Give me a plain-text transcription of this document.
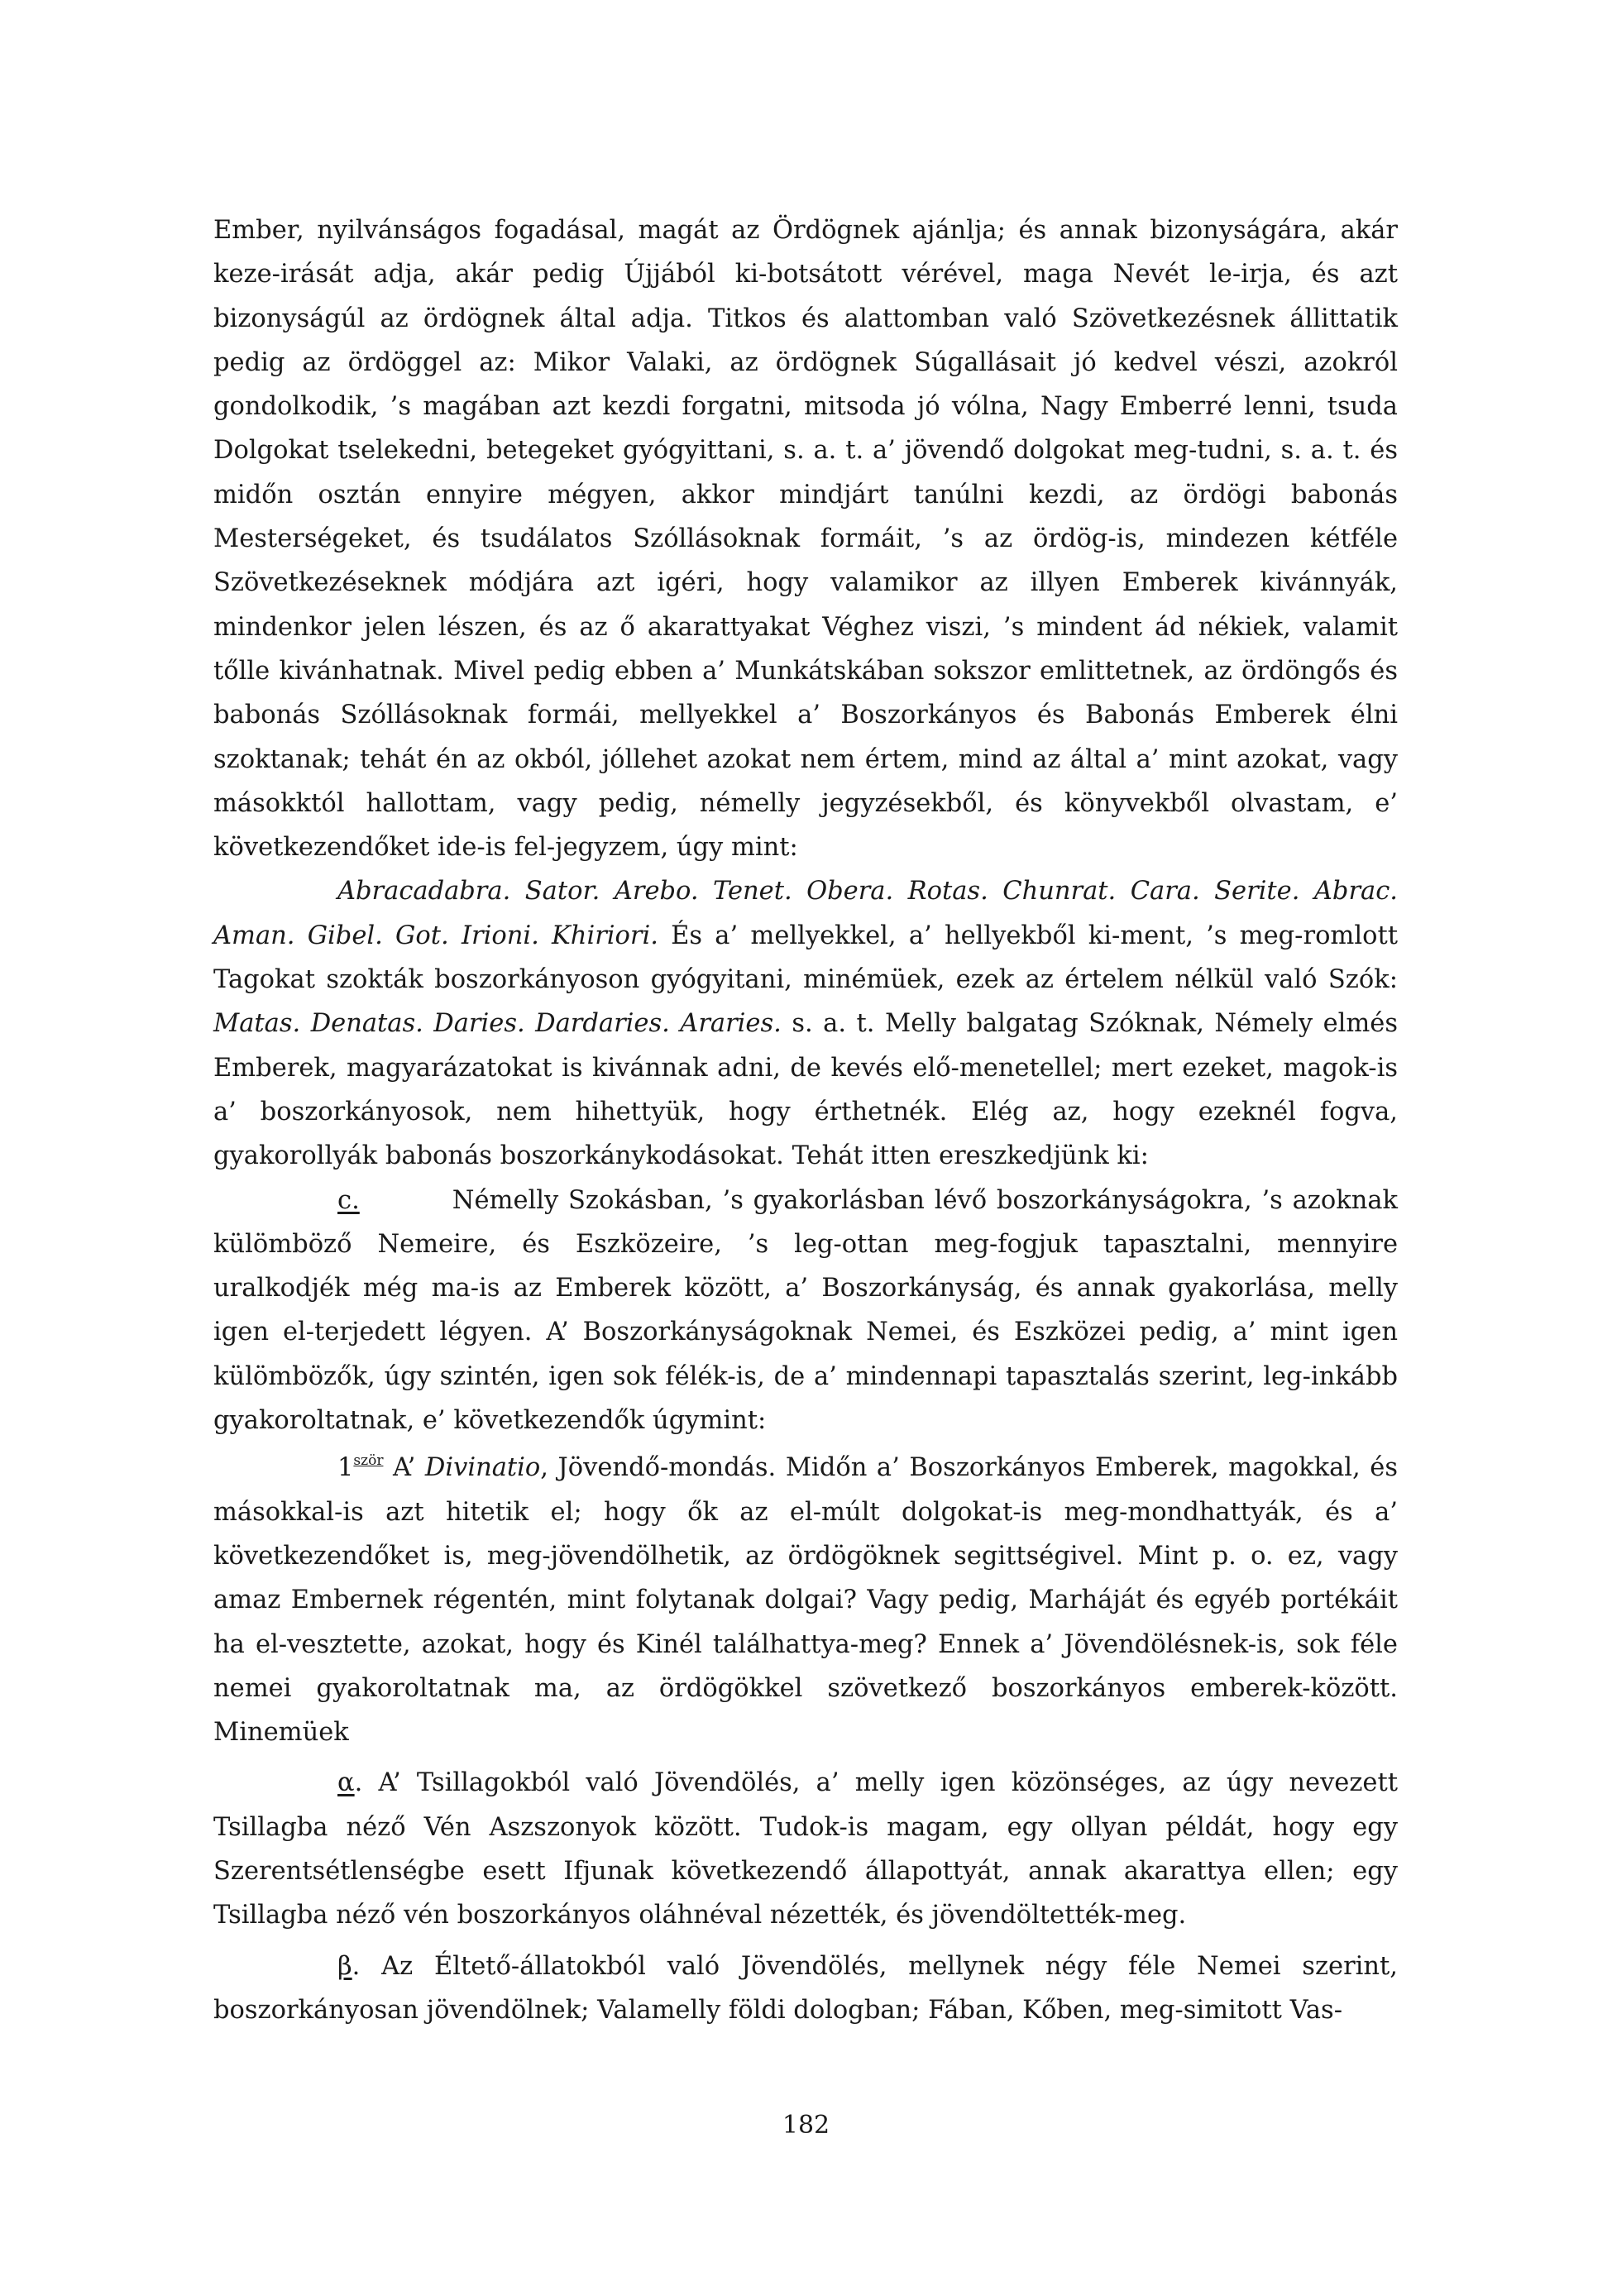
Ember, nyilvánságos fogadásal, magát az Ördögnek ajánlja; és annak bizonyságára, akár keze-irását adja, akár pedig Újjából ki-botsátott vérével, maga Nevét le-irja, és azt bizonyságúl az ördögnek által adja. Titkos és alattomban való Szövetkezésnek állittatik pedig az ördöggel az: Mikor Valaki, az ördögnek Súgallásait jó kedvel vészi, azokról gondolkodik, ’s magában azt kezdi forgatni, mitsoda jó vólna, Nagy Emberré lenni, tsuda Dolgokat tselekedni, betegeket gyógyittani, s. a. t. a’ jövendő dolgokat meg-tudni, s. a. t. és midőn osztán ennyire mégyen, akkor mindjárt tanúlni kezdi, az ördögi babonás Mesterségeket, és tsudálatos Szóllásoknak formáit, ’s az ördög-is, mindezen kétféle Szövetkezéseknek módjára azt igéri, hogy valamikor az illyen Emberek kivánnyák, mindenkor jelen lészen, és az ő akarattyakat Véghez viszi, ’s mindent ád nékiek, valamit tőlle kivánhatnak. Mivel pedig ebben a’ Munkátskában sokszor emlittetnek, az ördöngős és babonás Szóllásoknak formái, mellyekkel a’ Boszorkányos és Babonás Emberek élni szoktanak; tehát én az okból, jóllehet azokat nem értem, mind az által a’ mint azokat, vagy másokktól hallottam, vagy pedig, némelly jegyzésekből, és könyvekből olvastam, e’ következendőket ide-is fel-jegyzem, úgy mint:

Abracadabra. Sator. Arebo. Tenet. Obera. Rotas. Chunrat. Cara. Serite. Abrac. Aman. Gibel. Got. Irioni. Khiriori. És a’ mellyekkel, a’ hellyekből ki-ment, ’s meg-romlott Tagokat szokták boszorkányoson gyógyitani, minémüek, ezek az értelem nélkül való Szók: Matas. Denatas. Daries. Dardaries. Araries. s. a. t. Melly balgatag Szóknak, Némely elmés Emberek, magyarázatokat is kivánnak adni, de kevés elő-menetellel; mert ezeket, magok-is a’ boszorkányosok, nem hihettyük, hogy érthetnék. Elég az, hogy ezeknél fogva, gyakorollyák babonás boszorkánykodásokat. Tehát itten ereszkedjünk ki:

c.	Némelly Szokásban, ’s gyakorlásban lévő boszorkányságokra, ’s azoknak külömböző Nemeire, és Eszközeire, ’s leg-ottan meg-fogjuk tapasztalni, mennyire uralkodjék még ma-is az Emberek között, a’ Boszorkányság, és annak gyakorlása, melly igen el-terjedett légyen. A’ Boszorkányságoknak Nemei, és Eszközei pedig, a’ mint igen külömbözők, úgy szintén, igen sok félék-is, de a’ mindennapi tapasztalás szerint, leg-inkább gyakoroltatnak, e’ következendők úgymint:

$1^{ször}$ A’ Divinatio, Jövendő-mondás. Midőn a’ Boszorkányos Emberek, magokkal, és másokkal-is azt hitetik el; hogy ők az el-múlt dolgokat-is meg-mondhattyák, és a’ következendőket is, meg-jövendölhetik, az ördögöknek segittségivel. Mint p. o. ez, vagy amaz Embernek régentén, mint folytanak dolgai? Vagy pedig, Marháját és egyéb portékáit ha el-vesztette, azokat, hogy és Kinél találhattya-meg? Ennek a’ Jövendölésnek-is, sok féle nemei gyakoroltatnak ma, az ördögökkel szövetkező boszorkányos emberek-között. Minemüek

α. A’ Tsillagokból való Jövendölés, a’ melly igen közönséges, az úgy nevezett Tsillagba néző Vén Aszszonyok között. Tudok-is magam, egy ollyan példát, hogy egy Szerentsétlenségbe esett Ifjunak következendő állapottyát, annak akarattya ellen; egy Tsillagba néző vén boszorkányos oláhnéval nézették, és jövendöltették-meg.

β. Az Éltető-állatokból való Jövendölés, mellynek négy féle Nemei szerint, boszorkányosan jövendölnek; Valamelly földi dologban; Fában, Kőben, meg-simitott Vas-

182
